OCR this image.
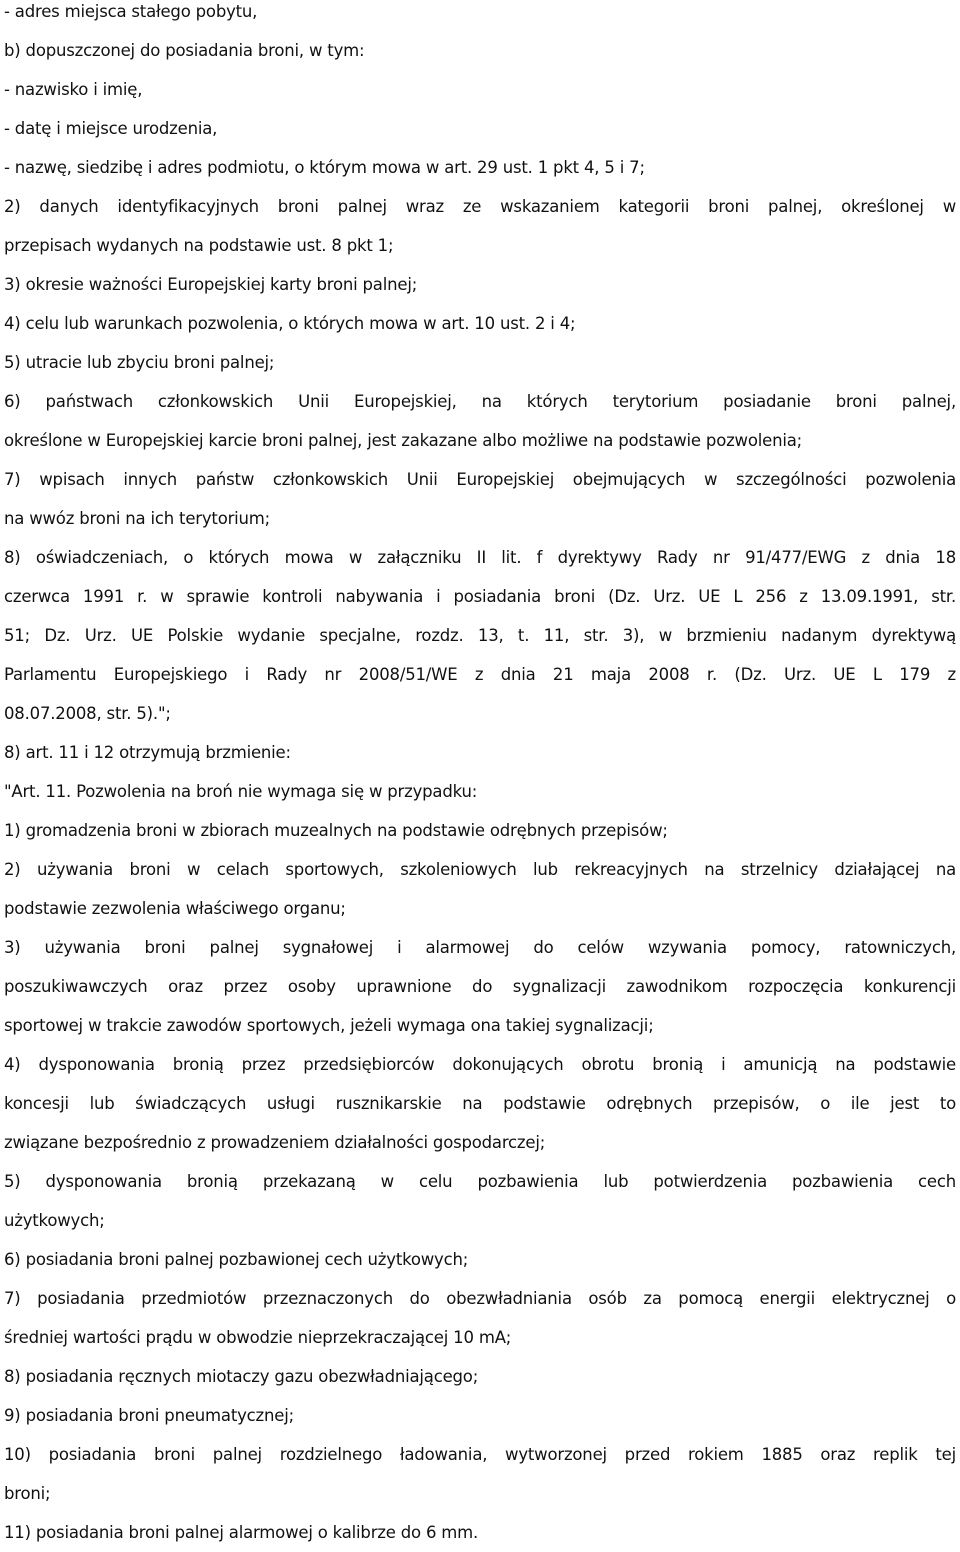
- adres miejsca stałego pobytu,
b) dopuszczonej do posiadania broni, w tym:
- nazwisko i imię,
- datę i miejsce urodzenia,
- nazwę, siedzibę i adres podmiotu, o którym mowa w art. 29 ust. 1 pkt 4, 5 i 7;
2) danych identyfikacyjnych broni palnej wraz ze wskazaniem kategorii broni palnej, określonej w
przepisach wydanych na podstawie ust. 8 pkt 1;
3) okresie ważności Europejskiej karty broni palnej;
4) celu lub warunkach pozwolenia, o których mowa w art. 10 ust. 2 i 4;
5) utracie lub zbyciu broni palnej;
6) państwach członkowskich Unii Europejskiej, na których terytorium posiadanie broni palnej,
określone w Europejskiej karcie broni palnej, jest zakazane albo możliwe na podstawie pozwolenia;
7) wpisach innych państw członkowskich Unii Europejskiej obejmujących w szczególności pozwolenia
na wwóz broni na ich terytorium;
8) oświadczeniach, o których mowa w załączniku II lit. f dyrektywy Rady nr 91/477/EWG z dnia 18
czerwca 1991 r. w sprawie kontroli nabywania i posiadania broni (Dz. Urz. UE L 256 z 13.09.1991, str.
51; Dz. Urz. UE Polskie wydanie specjalne, rozdz. 13, t. 11, str. 3), w brzmieniu nadanym dyrektywą
Parlamentu Europejskiego i Rady nr 2008/51/WE z dnia 21 maja 2008 r. (Dz. Urz. UE L 179 z
08.07.2008, str. 5).";
8) art. 11 i 12 otrzymują brzmienie:
"Art. 11. Pozwolenia na broń nie wymaga się w przypadku:
1) gromadzenia broni w zbiorach muzealnych na podstawie odrębnych przepisów;
2) używania broni w celach sportowych, szkoleniowych lub rekreacyjnych na strzelnicy działającej na
podstawie zezwolenia właściwego organu;
3) używania broni palnej sygnałowej i alarmowej do celów wzywania pomocy, ratowniczych,
poszukiwawczych oraz przez osoby uprawnione do sygnalizacji zawodnikom rozpoczęcia konkurencji
sportowej w trakcie zawodów sportowych, jeżeli wymaga ona takiej sygnalizacji;
4) dysponowania bronią przez przedsiębiorców dokonujących obrotu bronią i amunicją na podstawie
koncesji lub świadczących usługi rusznikarskie na podstawie odrębnych przepisów, o ile jest to
związane bezpośrednio z prowadzeniem działalności gospodarczej;
5) dysponowania bronią przekazaną w celu pozbawienia lub potwierdzenia pozbawienia cech
użytkowych;
6) posiadania broni palnej pozbawionej cech użytkowych;
7) posiadania przedmiotów przeznaczonych do obezwładniania osób za pomocą energii elektrycznej o
średniej wartości prądu w obwodzie nieprzekraczającej 10 mA;
8) posiadania ręcznych miotaczy gazu obezwładniającego;
9) posiadania broni pneumatycznej;
10) posiadania broni palnej rozdzielnego ładowania, wytworzonej przed rokiem 1885 oraz replik tej
broni;
11) posiadania broni palnej alarmowej o kalibrze do 6 mm.
